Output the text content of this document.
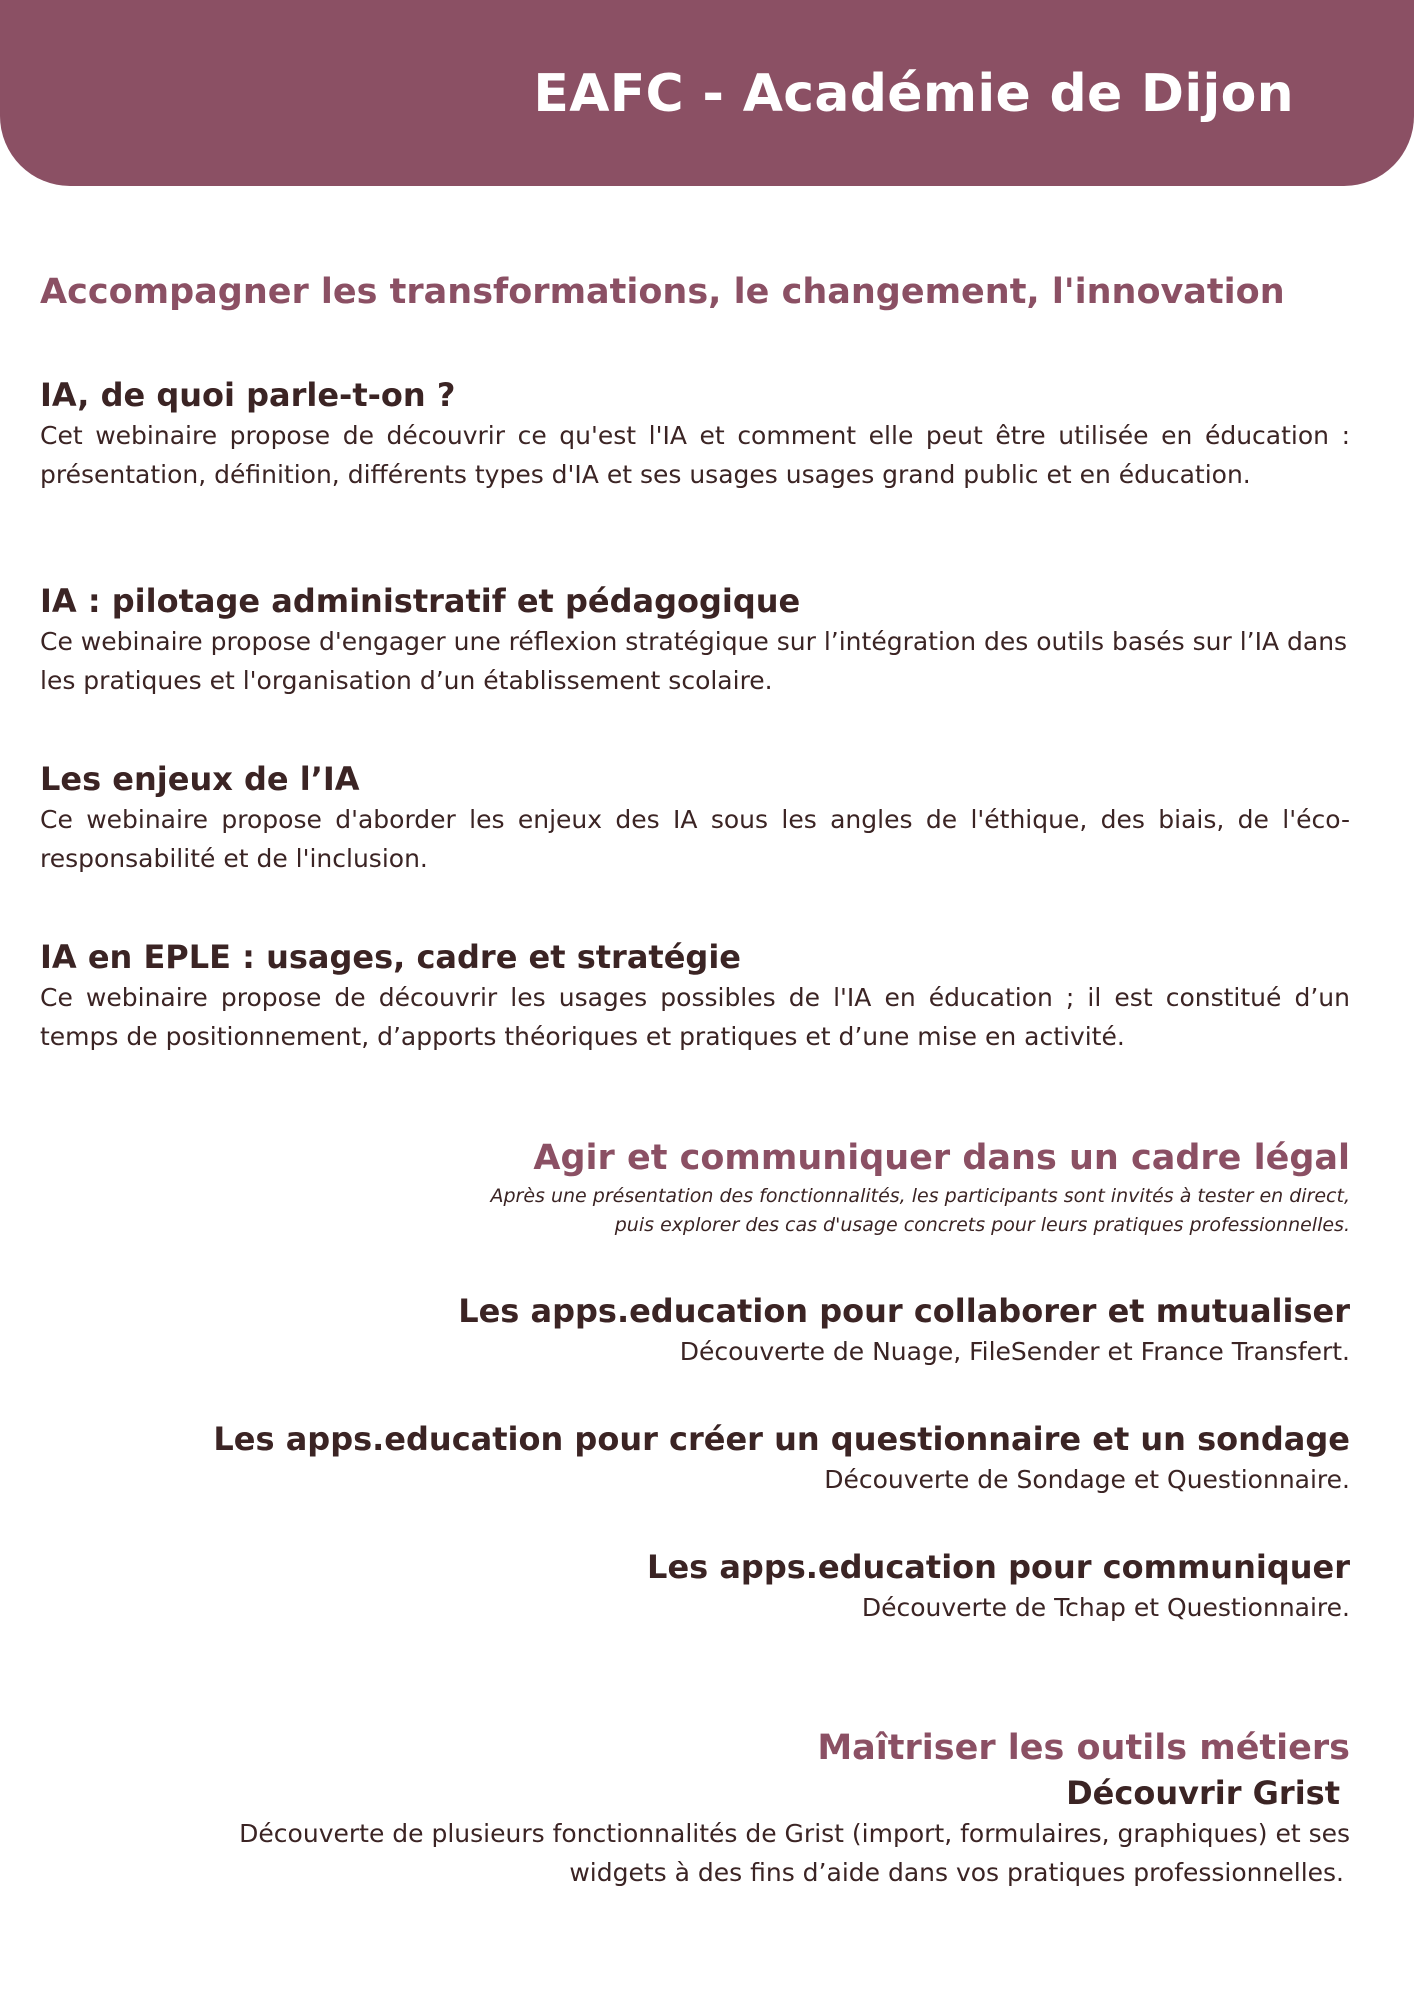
EAFC - Académie de Dijon
Accompagner les transformations, le changement, l'innovation
IA, de quoi parle-t-on ?

Cet webinaire propose de découvrir ce qu'est l'IA et comment elle peut être utilisée en éducation : présentation, définition, différents types d'IA et ses usages usages grand public et en éducation.

IA : pilotage administratif et pédagogique

Ce webinaire propose d'engager une réflexion stratégique sur l’intégration des outils basés sur l’IA dans les pratiques et l'organisation d’un établissement scolaire.

Les enjeux de l’IA

Ce webinaire propose d'aborder les enjeux des IA sous les angles de l'éthique, des biais, de l'éco-responsabilité et de l'inclusion.

IA en EPLE : usages, cadre et stratégie

Ce webinaire propose de découvrir les usages possibles de l'IA en éducation ; il est constitué d’un temps de positionnement, d’apports théoriques et pratiques et d’une mise en activité.

Agir et communiquer dans un cadre légal

Après une présentation des fonctionnalités, les participants sont invités à tester en direct,
puis explorer des cas d'usage concrets pour leurs pratiques professionnelles.

Les apps.education pour collaborer et mutualiser

Découverte de Nuage, FileSender et France Transfert.

Les apps.education pour créer un questionnaire et un sondage

Découverte de Sondage et Questionnaire.

Les apps.education pour communiquer

Découverte de Tchap et Questionnaire.

Maîtriser les outils métiers
Découvrir Grist

Découverte de plusieurs fonctionnalités de Grist (import, formulaires, graphiques) et ses
widgets à des fins d’aide dans vos pratiques professionnelles.
